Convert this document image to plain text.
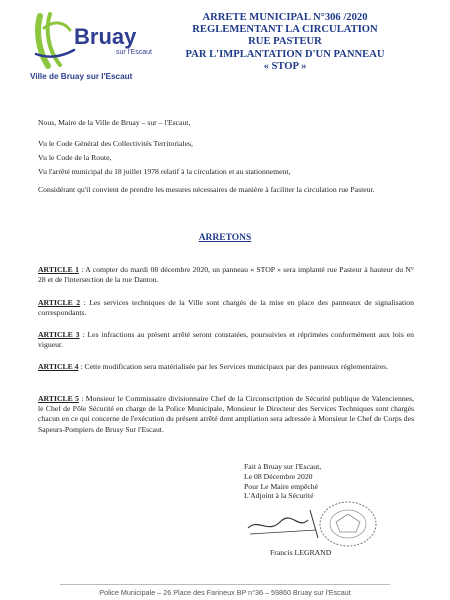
Bruay
sur l'Escaut
Ville de Bruay sur l'Escaut
ARRETE MUNICIPAL N°306 /2020
REGLEMENTANT LA CIRCULATION
RUE PASTEUR
PAR L'IMPLANTATION D'UN PANNEAU
« STOP »
Nous, Maire de la Ville de Bruay – sur – l'Escaut,
Vu le Code Général des Collectivités Territoriales,
Vu le Code de la Route,
Vu l'arrêté municipal du 18 juillet 1978 relatif à la circulation et au stationnement,
Considérant qu'il convient de prendre les mesures nécessaires de manière à faciliter la circulation rue Pasteur.
ARRETONS
ARTICLE 1 : A compter du mardi 08 décembre 2020, un panneau « STOP » sera implanté rue Pasteur à hauteur du N° 28 et de l'intersection de la rue Danton.
ARTICLE 2 : Les services techniques de la Ville sont chargés de la mise en place des panneaux de signalisation correspondants.
ARTICLE 3 : Les infractions au présent arrêté seront constatées, poursuivies et réprimées conformément aux lois en vigueur.
ARTICLE 4 : Cette modification sera matérialisée par les Services municipaux par des panneaux réglementaires.
ARTICLE 5 : Monsieur le Commissaire divisionnaire Chef de la Circonscription de Sécurité publique de Valenciennes, le Chef de Pôle Sécurité en charge de la Police Municipale, Monsieur le Directeur des Services Techniques sont chargés chacun en ce qui concerne de l'exécution du présent arrêté dont ampliation sera adressée à Monsieur le Chef de Corps des Sapeurs-Pompiers de Brusy Sur l'Escaut.
Fait à Bruay sur l'Escaut,
Le 08 Décembre 2020
Pour Le Maire empêché
L'Adjoint à la Sécurité
Francis LEGRAND
Police Municipale – 26 Place des Farineux BP n°36 – 59860 Bruay sur l'Escaut
